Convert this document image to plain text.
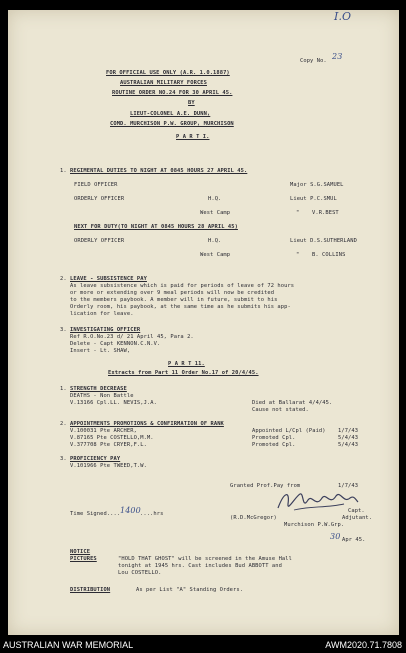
I.O
Copy No. 23
FOR OFFICIAL USE ONLY (A.R. 1.0.1887)
AUSTRALIAN MILITARY FORCES
ROUTINE ORDER NO.24 FOR 30 APRIL 45.
BY
LIEUT-COLONEL A.E. DUNN,
COMD. MURCHISON P.W. GROUP, MURCHISON
P A R T I.
1. REGIMENTAL DUTIES TO NIGHT AT 0845 HOURS 27 APRIL 45.
FIELD OFFICER	Major S.G.SAMUEL
ORDERLY OFFICER	H.Q.	Lieut P.C.SMUL
West Camp	" V.R.BEST
NEXT FOR DUTY(TO NIGHT AT 0845 HOURS 28 APRIL 45)
ORDERLY OFFICER	H.Q.	Lieut D.S.SUTHERLAND
West Camp	" B. COLLINS
2. LEAVE - SUBSISTENCE PAY
As leave subsistence which is paid for periods of leave of 72 hours
or more or extending over 9 meal periods will now be credited
to the members paybook. A member will in future, submit to his
Orderly room, his paybook, at the same time as he submits his app-
lication for leave.
3. INVESTIGATING OFFICER
Ref R.O.No.23 d/ 21 April 45, Para 2.
Delete - Capt KENNON.C.N.V.
Insert - Lt. SHAW,
P A R T 11.
Extracts from Part 11 Order No.17 of 20/4/45.
1. STRENGTH DECREASE
DEATHS - Non Battle
V.13166 Cpl.LL. NEVIS,J.A.	Died at Ballarat 4/4/45.
Cause not stated.
2. APPOINTMENTS PROMOTIONS & CONFIRMATION OF RANK
V.100031 Pte ARCHER,	Appointed L/Cpl (Paid) 1/7/43
V.87165 Pte COSTELLO,M.M.	Promoted Cpl.	5/4/43
V.377708 Pte CRYER,F.L.	Promoted Cpl.	5/4/43
3. PROFICIENCY PAY
V.101966 Pte TWEED,T.W.
Granted Prof.Pay from	1/7/43
Time Signed.... 1400 ....hrs	Capt.
(R.D.McGregor)	Adjutant.
Murchison P.W.Grp.
30 Apr 45.
NOTICE
PICTURES	"HOLD THAT GHOST" will be screened in the Amuse Hall
tonight at 1945 hrs. Cast includes Bud ABBOTT and
Lou COSTELLO.
DISTRIBUTION	As per List "A" Standing Orders.
AUSTRALIAN WAR MEMORIAL	AWM2020.71.7808
